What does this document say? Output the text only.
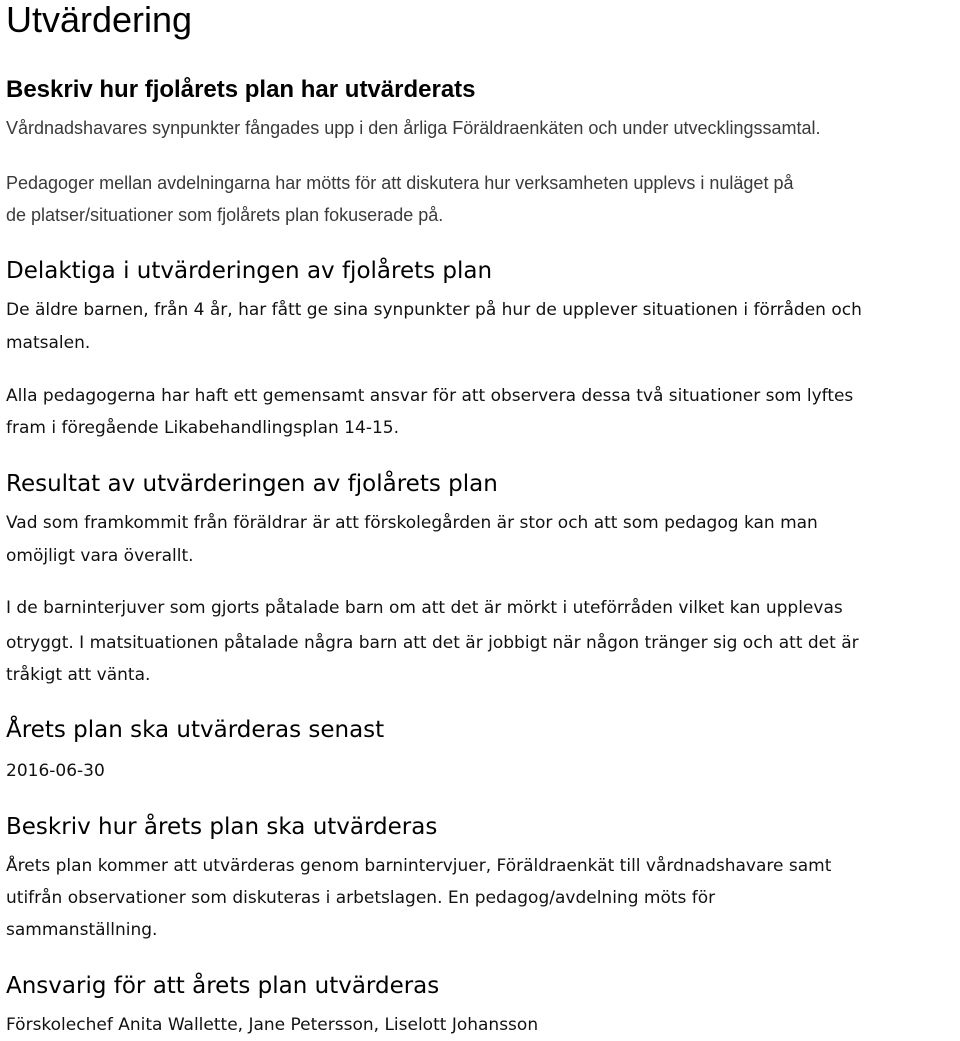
Utvärdering
Beskriv hur fjolårets plan har utvärderats

Vårdnadshavares synpunkter fångades upp i den årliga Föräldraenkäten och under utvecklingssamtal.

Pedagoger mellan avdelningarna har mötts för att diskutera hur verksamheten upplevs i nuläget på

de platser/situationer som fjolårets plan fokuserade på.

Delaktiga i utvärderingen av fjolårets plan

De äldre barnen, från 4 år, har fått ge sina synpunkter på hur de upplever situationen i förråden och

matsalen.

Alla pedagogerna har haft ett gemensamt ansvar för att observera dessa två situationer som lyftes

fram i föregående Likabehandlingsplan 14-15.

Resultat av utvärderingen av fjolårets plan

Vad som framkommit från föräldrar är att förskolegården är stor och att som pedagog kan man

omöjligt vara överallt.

I de barninterjuver som gjorts påtalade barn om att det är mörkt i uteförråden vilket kan upplevas

otryggt. I matsituationen påtalade några barn att det är jobbigt när någon tränger sig och att det är

tråkigt att vänta.

Årets plan ska utvärderas senast

2016-06-30

Beskriv hur årets plan ska utvärderas

Årets plan kommer att utvärderas genom barnintervjuer, Föräldraenkät till vårdnadshavare samt

utifrån observationer som diskuteras i arbetslagen. En pedagog/avdelning möts för

sammanställning.

Ansvarig för att årets plan utvärderas

Förskolechef Anita Wallette, Jane Petersson, Liselott Johansson
